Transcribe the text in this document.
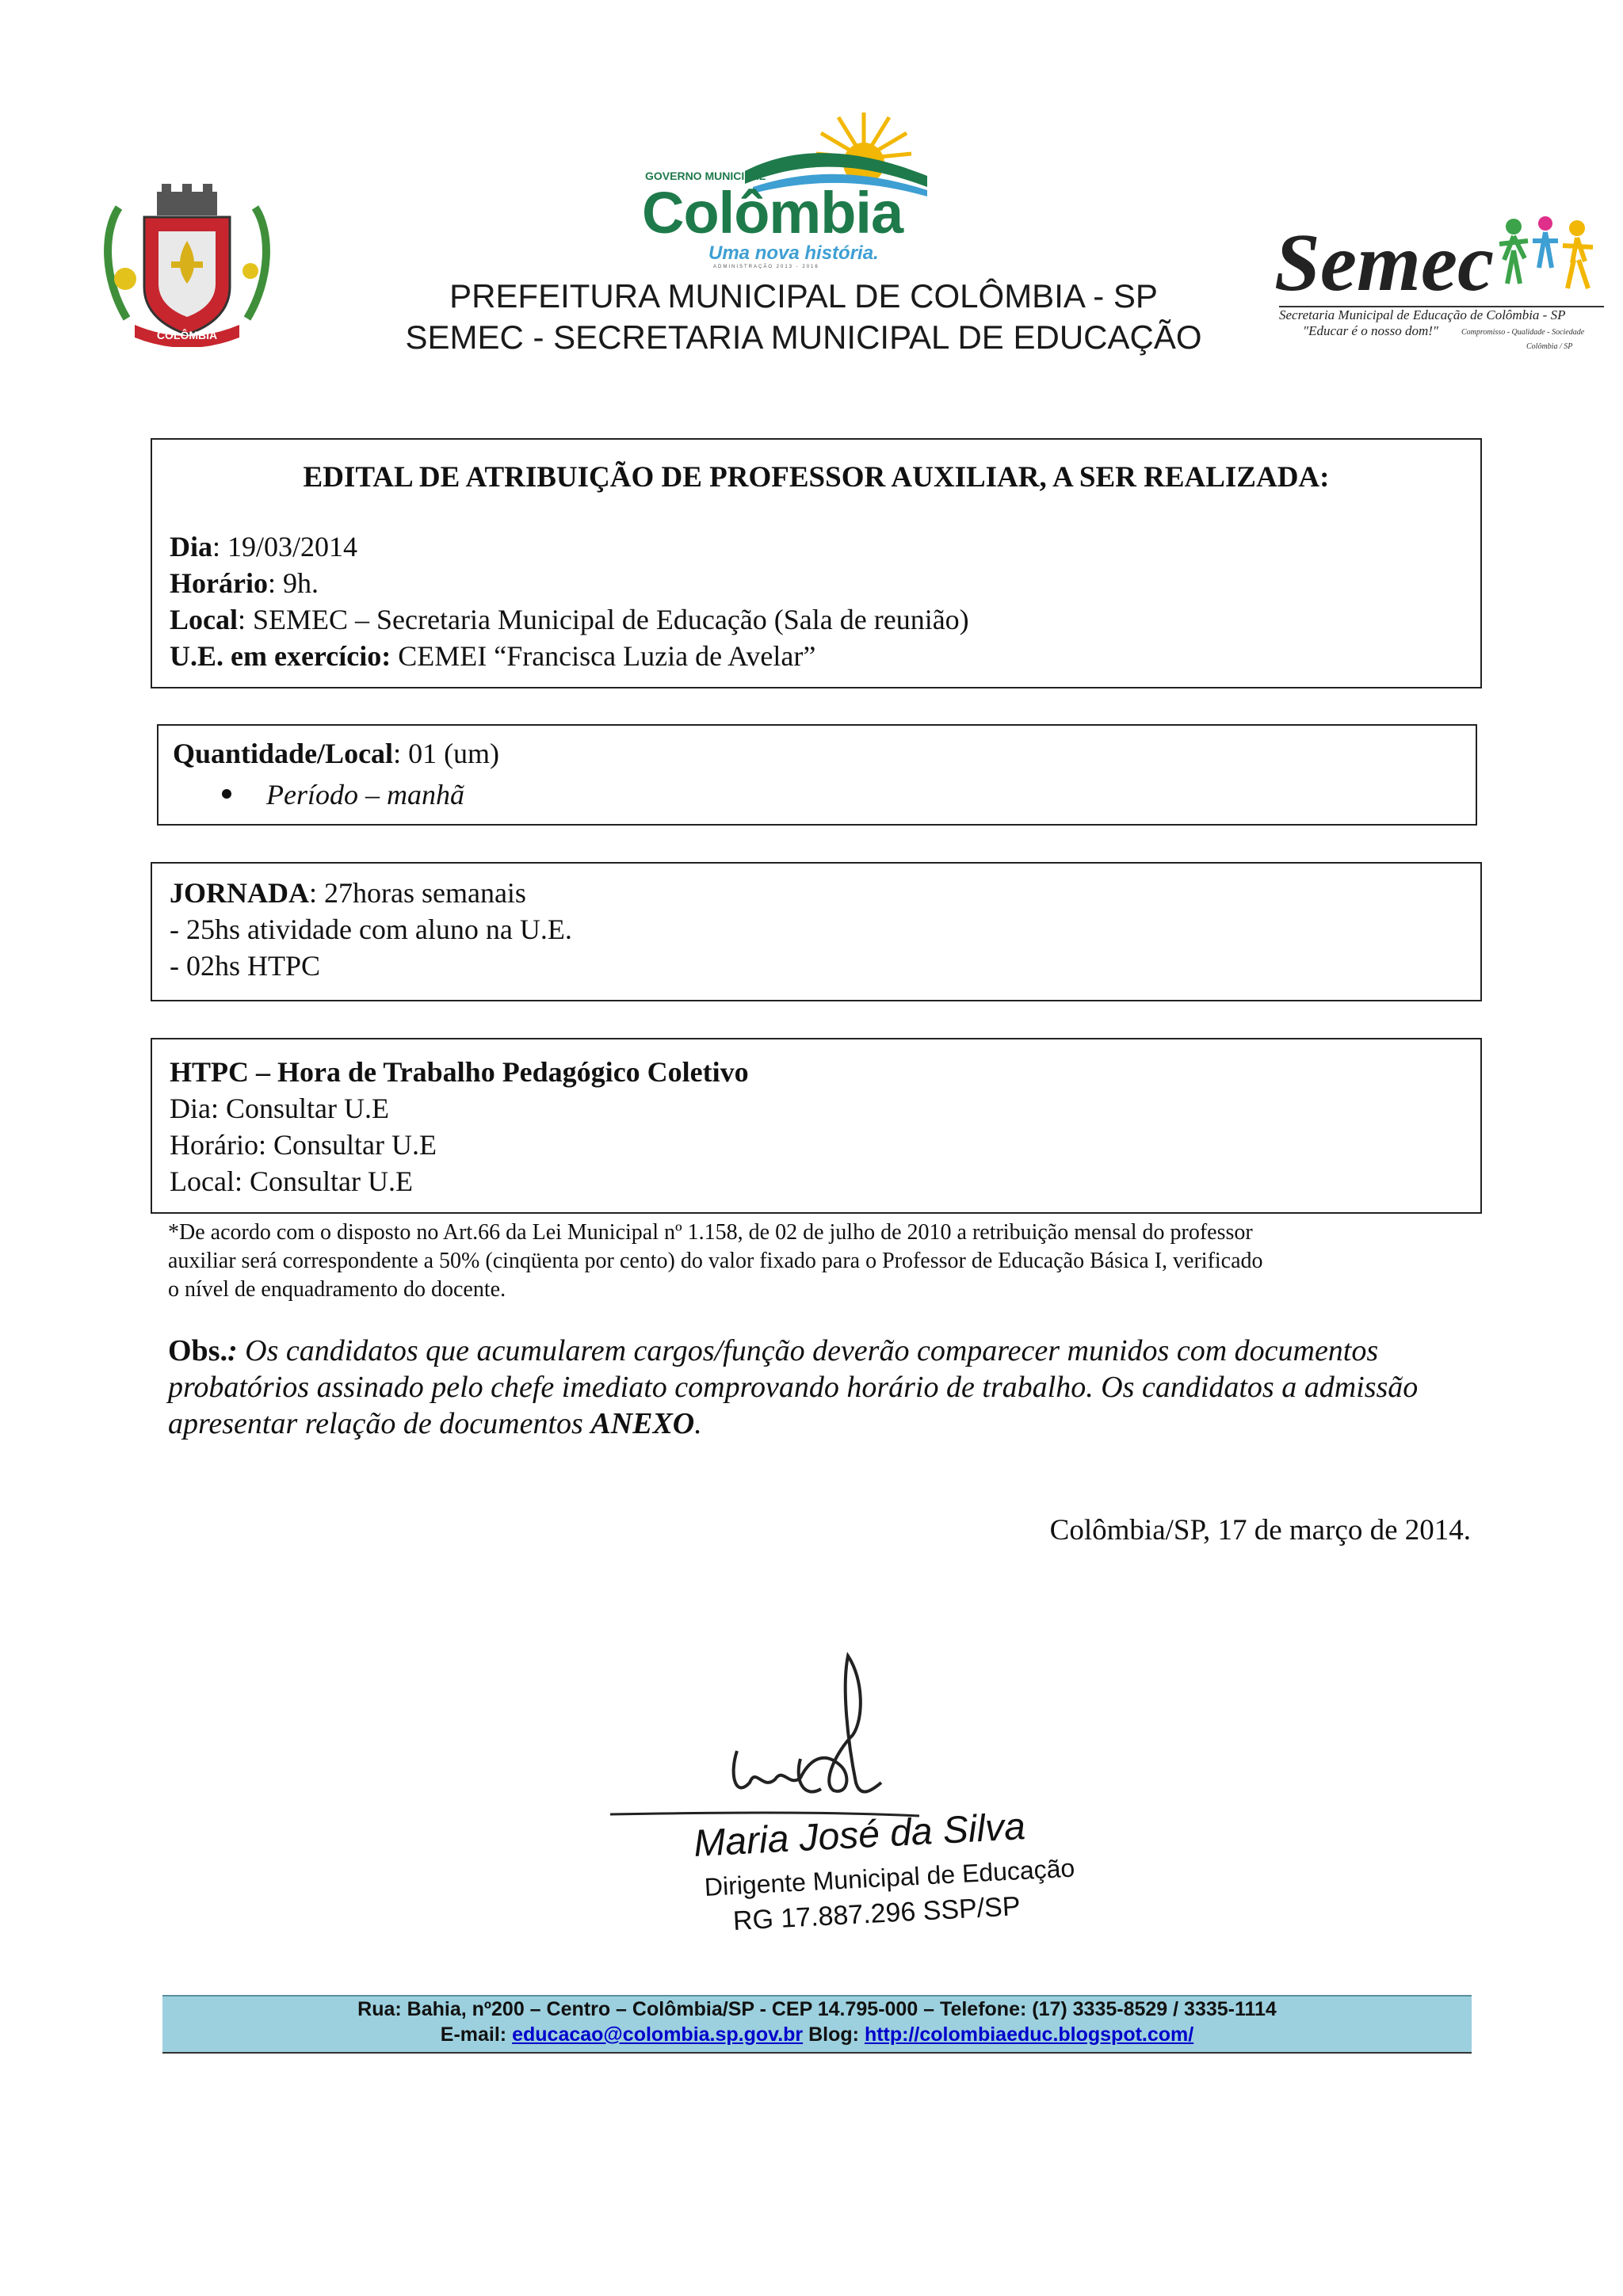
COLÔMBIA
GOVERNO MUNICIPAL
Colômbia
Uma nova história.
ADMINISTRAÇÃO 2013 - 2016
PREFEITURA MUNICIPAL DE COLÔMBIA - SP
SEMEC - SECRETARIA MUNICIPAL DE EDUCAÇÃO
Semec
Secretaria Municipal de Educação de Colômbia - SP
"Educar é o nosso dom!"	Compromisso - Qualidade - Sociedade
Colômbia / SP
EDITAL DE ATRIBUIÇÃO DE PROFESSOR AUXILIAR, A SER REALIZADA:
Dia: 19/03/2014
Horário: 9h.
Local: SEMEC – Secretaria Municipal de Educação (Sala de reunião)
U.E. em exercício: CEMEI “Francisca Luzia de Avelar”
Quantidade/Local: 01 (um)
Período – manhã
JORNADA: 27horas semanais
- 25hs atividade com aluno na U.E.
- 02hs HTPC
HTPC – Hora de Trabalho Pedagógico Coletivo
Dia: Consultar U.E
Horário: Consultar U.E
Local: Consultar U.E
*De acordo com o disposto no Art.66 da Lei Municipal nº 1.158, de 02 de julho de 2010 a retribuição mensal do professor
auxiliar será correspondente a 50% (cinqüenta por cento) do valor fixado para o Professor de Educação Básica I, verificado
o nível de enquadramento do docente.
Obs.: Os candidatos que acumularem cargos/função deverão comparecer munidos com documentos probatórios assinado pelo chefe imediato comprovando horário de trabalho. Os candidatos a admissão apresentar relação de documentos ANEXO.
Colômbia/SP, 17 de março de 2014.
Maria José da Silva
Dirigente Municipal de Educação
RG 17.887.296 SSP/SP
Rua: Bahia, nº200 – Centro – Colômbia/SP - CEP 14.795-000 – Telefone: (17) 3335-8529 / 3335-1114
E-mail: educacao@colombia.sp.gov.br Blog: http://colombiaeduc.blogspot.com/
